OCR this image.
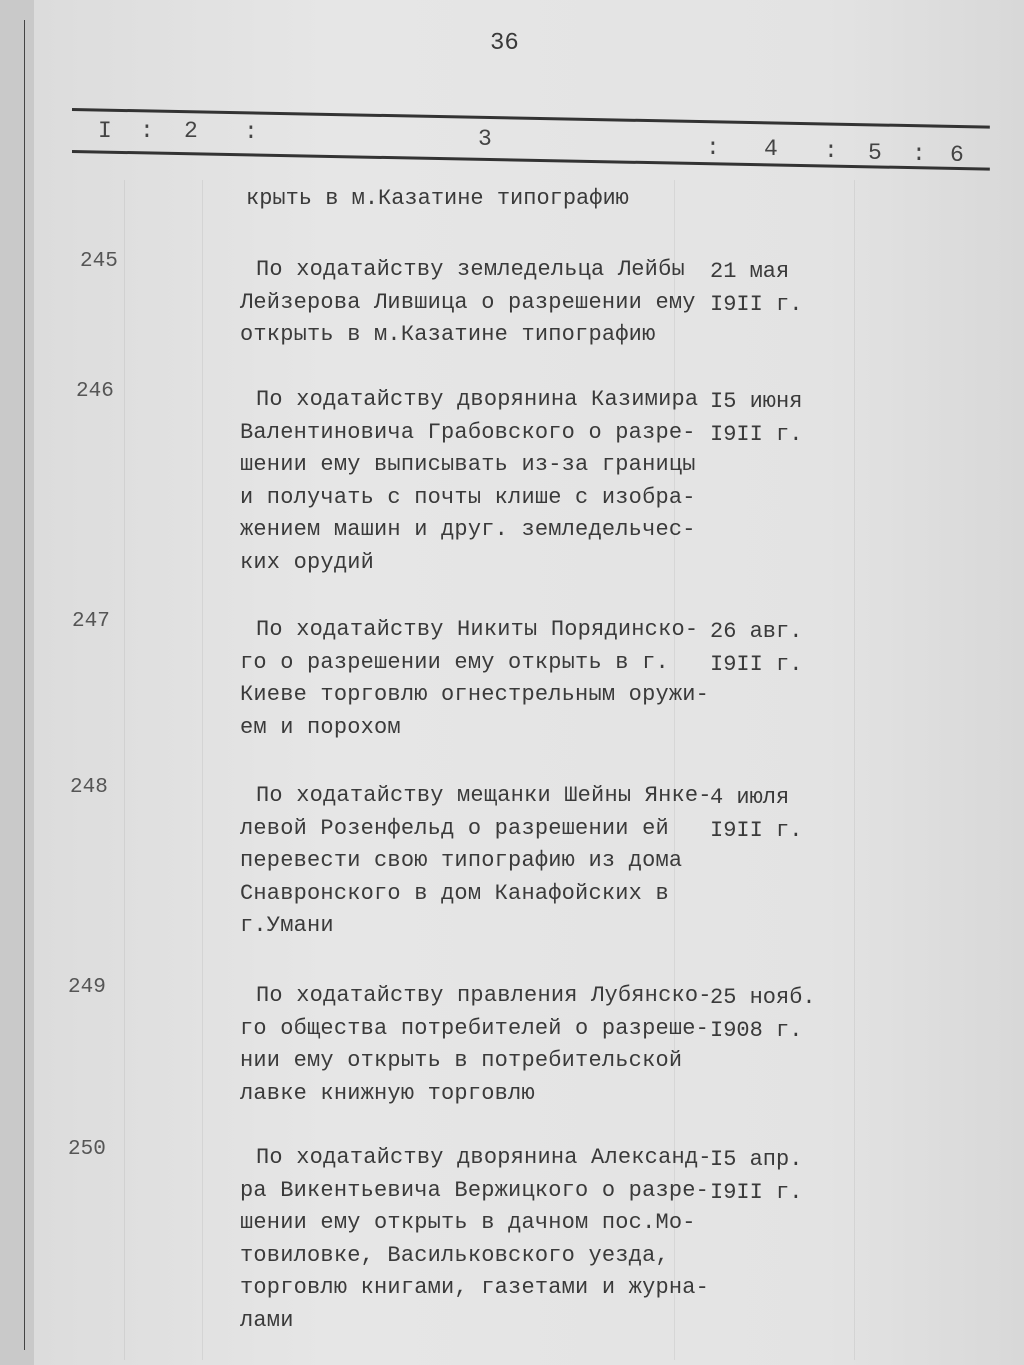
36
I : 2 :	3	: 4 : 5 : 6
крыть в м.Казатине типографию
245	По ходатайству земледельца Лейбы
Лейзерова Лившица о разрешении ему
открыть в м.Казатине типографию
21 мая
I9II г.
246	По ходатайству дворянина Казимира
Валентиновича Грабовского о разре-
шении ему выписывать из-за границы
и получать с почты клише с изобра-
жением машин и друг. земледельчес-
ких орудий
I5 июня
I9II г.
247	По ходатайству Никиты Порядинско-
го о разрешении ему открыть в г.
Киеве торговлю огнестрельным оружи-
ем и порохом
26 авг.
I9II г.
248	По ходатайству мещанки Шейны Янке-
левой Розенфельд о разрешении ей
перевести свою типографию из дома
Снавронского в дом Канафойских в
г.Умани
4 июля
I9II г.
249	По ходатайству правления Лубянско-
го общества потребителей о разреше-
нии ему открыть в потребительской
лавке книжную торговлю
25 нояб.
I908 г.
250	По ходатайству дворянина Александ-
ра Викентьевича Вержицкого о разре-
шении ему открыть в дачном пос.Мо-
товиловке, Васильковского уезда,
торговлю книгами, газетами и журна-
лами
I5 апр.
I9II г.
